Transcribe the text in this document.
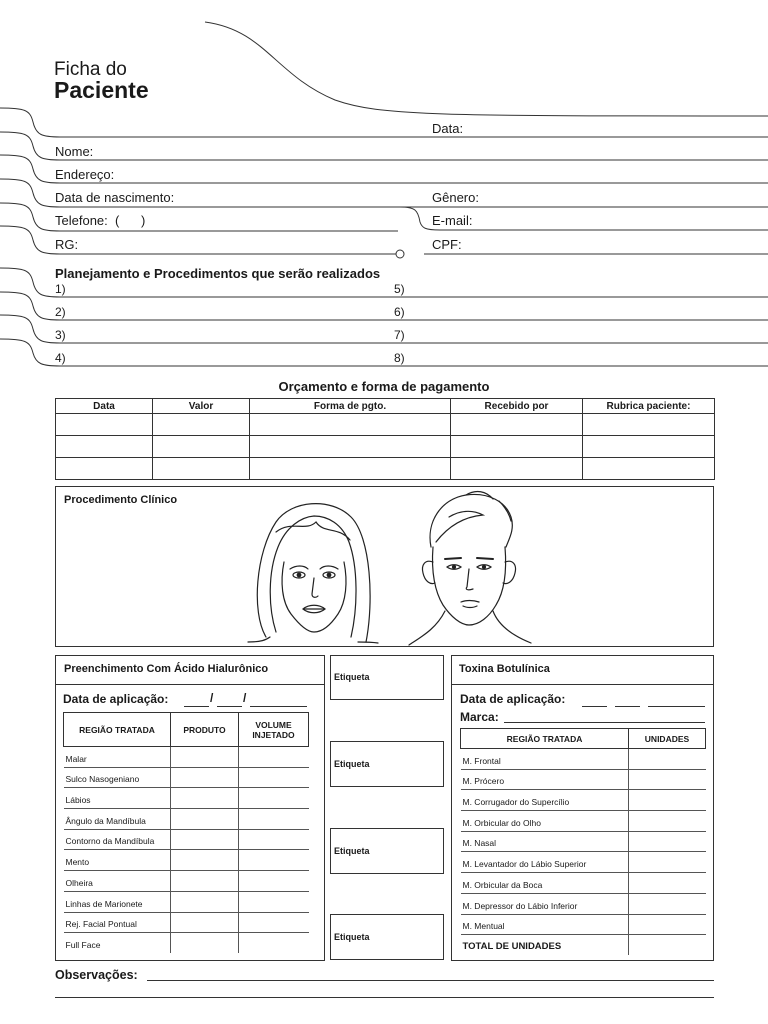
Ficha do
Paciente
Data:
Nome:
Endereço:
Data de nascimento:	Gênero:
Telefone:  (      )	E-mail:
RG:	CPF:
Planejamento e Procedimentos que serão realizados
1)
2)
3)
4)
5)
6)
7)
8)
Orçamento e forma de pagamento
Data	Valor	Forma de pgto.	Recebido por	Rubrica paciente:

Procedimento Clínico
Preenchimento Com Ácido Hialurônico
Data de aplicação:	/ /
REGIÃO TRATADA	PRODUTO	VOLUME INJETADO
Malar		
Sulco Nasogeniano		
Lábios		
Ângulo da Mandíbula		
Contorno da Mandíbula		
Mento		
Olheira		
Linhas de Marionete		
Rej. Facial Pontual		
Full Face		
Etiqueta
Etiqueta
Etiqueta
Etiqueta
Toxina Botulínica
Data de aplicação:
Marca:
REGIÃO TRATADA	UNIDADES
M. Frontal	
M. Prócero	
M. Corrugador do Supercílio	
M. Orbicular do Olho	
M. Nasal	
M. Levantador do Lábio Superior	
M. Orbicular da Boca	
M. Depressor do Lábio Inferior	
M. Mentual	
TOTAL DE UNIDADES	
Observações:
